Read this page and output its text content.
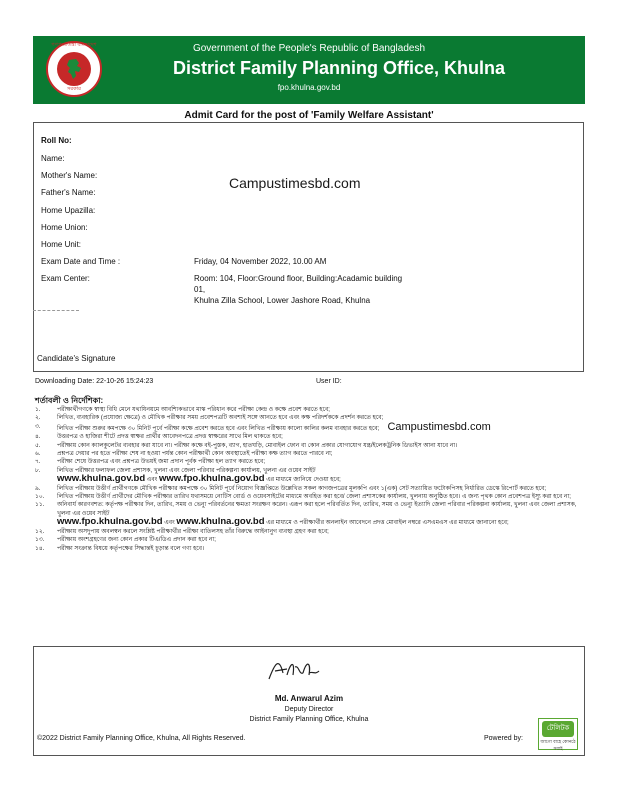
গণপ্রজাতন্ত্রী বাংলাদেশ
সরকার
Government of the People's Republic of Bangladesh
District Family Planning Office, Khulna
fpo.khulna.gov.bd
Admit Card for the post of 'Family Welfare Assistant'
Roll No:
Name:
Mother's Name:
Father's Name:
Home Upazilla:
Home Union:
Home Unit:
Exam Date and Time :	Friday, 04 November 2022, 10.00 AM
Exam Center:	Room: 104, Floor:Ground floor, Building:Acadamic building
01,
Khulna Zilla School, Lower Jashore Road, Khulna
Campustimesbd.com
Candidate's Signature
Downloading Date: 22-10-26 15:24:23	User ID:
শর্তাবলী ও নির্দেশিকা:
১.	পরীক্ষার্থীগণকে স্বাস্থ্য বিধি মেনে যথাযিনয়মে আবশ্যিকভাবে মাস্ক পরিধান করে পরীক্ষা কেন্দ্র ও কক্ষে প্রবেশ করতে হবে;
২.	লিখিত, ব্যবহারিক (প্রযোজ্য ক্ষেত্রে) ও মৌখিক পরীক্ষার সময় প্রবেশপত্রটি অবশ্যই সঙ্গে আনতে হবে এবং কক্ষ পরিদর্শককে প্রদর্শন করতে হবে;
৩.	লিখিত পরীক্ষা শুরুর কমপক্ষে ৩০ মিনিট পূর্বে পরীক্ষা কক্ষে প্রবেশ করতে হবে এবং লিখিত পরীক্ষায় কালো কালির কলম ব্যবহার করতে হবে; Campustimesbd.com
৪.	উত্তরপত্র ও হাজিরা শীটে প্রদত্ত স্বাক্ষর প্রার্থীর আবেদনপত্রে প্রদত্ত স্বাক্ষরের সাথে মিল থাকতে হবে;
৫.	পরীক্ষায় কোন ক্যালকুলেটর ব্যবহার করা যাবে না। পরীক্ষা কক্ষে বই-পুস্তক, ব্যাগ, হাতঘড়ি, মোবাইল ফোন বা কোন প্রকার যোগাযোগ যন্ত্র/ইলেকট্রনিক ডিভাইস আনা যাবে না।
৬.	প্রশ্নপত্র দেয়ার পর হতে পরীক্ষা শেষ না হওয়া পর্যন্ত কোন পরীক্ষার্থী কোন অবস্থাতেই পরীক্ষা কক্ষ ত্যাগ করতে পারবে না;
৭.	পরীক্ষা শেষে উত্তরপত্র এবং প্রশ্নপত্র উভয়ই জমা প্রদান পূর্বক পরীক্ষা হল ত্যাগ করতে হবে;
৮.	লিখিত পরীক্ষার ফলাফল জেলা প্রশাসক, খুলনা এবং জেলা পরিবার পরিকল্পনা কার্যালয়, খুলনা এর ওয়েব সাইট
www.khulna.gov.bd এবং www.fpo.khulna.gov.bd এর মাধ্যমে জানিয়ে দেওয়া হবে;
৯.	লিখিত পরীক্ষায় উত্তীর্ণ প্রার্থীগণকে মৌখিক পরীক্ষার কমপক্ষে ৩০ মিনিট পূর্বে নিয়োগ বিজ্ঞপ্তিতে উল্লেখিত সকল কাগজপত্রের মূলকপি এবং ১(এক) সেট সত্যায়িত ফটোকপিসহ নির্ধারিত ডেস্কে রিপোর্ট করতে হবে;
১০.	লিখিত পরীক্ষায় উত্তীর্ণ প্রার্থীদের মৌখিক পরীক্ষার তারিখ যথাসময়ে নোটিস বোর্ড ও ওয়েবসাইটের মাধ্যমে অবহিত করা হবে/ জেলা প্রশাসকের কার্যালয়, খুলনায় অনুষ্ঠিত হবে। এ জন্য পৃথক কোন প্রবেশপত্র ইস্যু করা হবে না;
১১.	অনিবার্য কারণবশত: কর্তৃপক্ষ পরীক্ষার দিন, তারিখ, সময় ও ভেন্যু পরিবর্তনের ক্ষমতা সংরক্ষণ করেন। এরূপ করা হলে পরিবর্তিত দিন, তারিখ, সময় ও ভেন্যু ইত্যাদি জেলা পরিবার পরিকল্পনা কার্যালয়, খুলনা এবং জেলা প্রশাসক, খুলনা এর ওয়েব সাইট
www.fpo.khulna.gov.bd এবং www.khulna.gov.bd এর মাধ্যমে ও পরীক্ষার্থীর অনলাইন আবেদনে প্রদত্ত মোবাইল নম্বরে এসএমএস এর মাধ্যমে জানানো হবে;
১২.	পরীক্ষায় অসদুপায় অবলম্বন করলে সংশ্লিষ্ট পরীক্ষার্থীর পরীক্ষা বাতিলসহ তাঁর বিরুদ্ধে আইনানুগ ব্যবস্থা গ্রহণ করা হবে;
১৩.	পরীক্ষায় অংশগ্রহণের জন্য কোন প্রকার টিএ/ডিএ প্রদান করা হবে না;
১৪.	পরীক্ষা সংক্রান্ত বিষয়ে কর্তৃপক্ষের সিদ্ধান্তই চূড়ান্ত বলে গণ্য হবে।
A.Azim
Md. Anwarul Azim
Deputy Director
District Family Planning Office, Khulna
©2022 District Family Planning Office, Khulna, All Rights Reserved.	Powered by:
টেলিটক
জাগো বাহে কোনঠে সবাই
